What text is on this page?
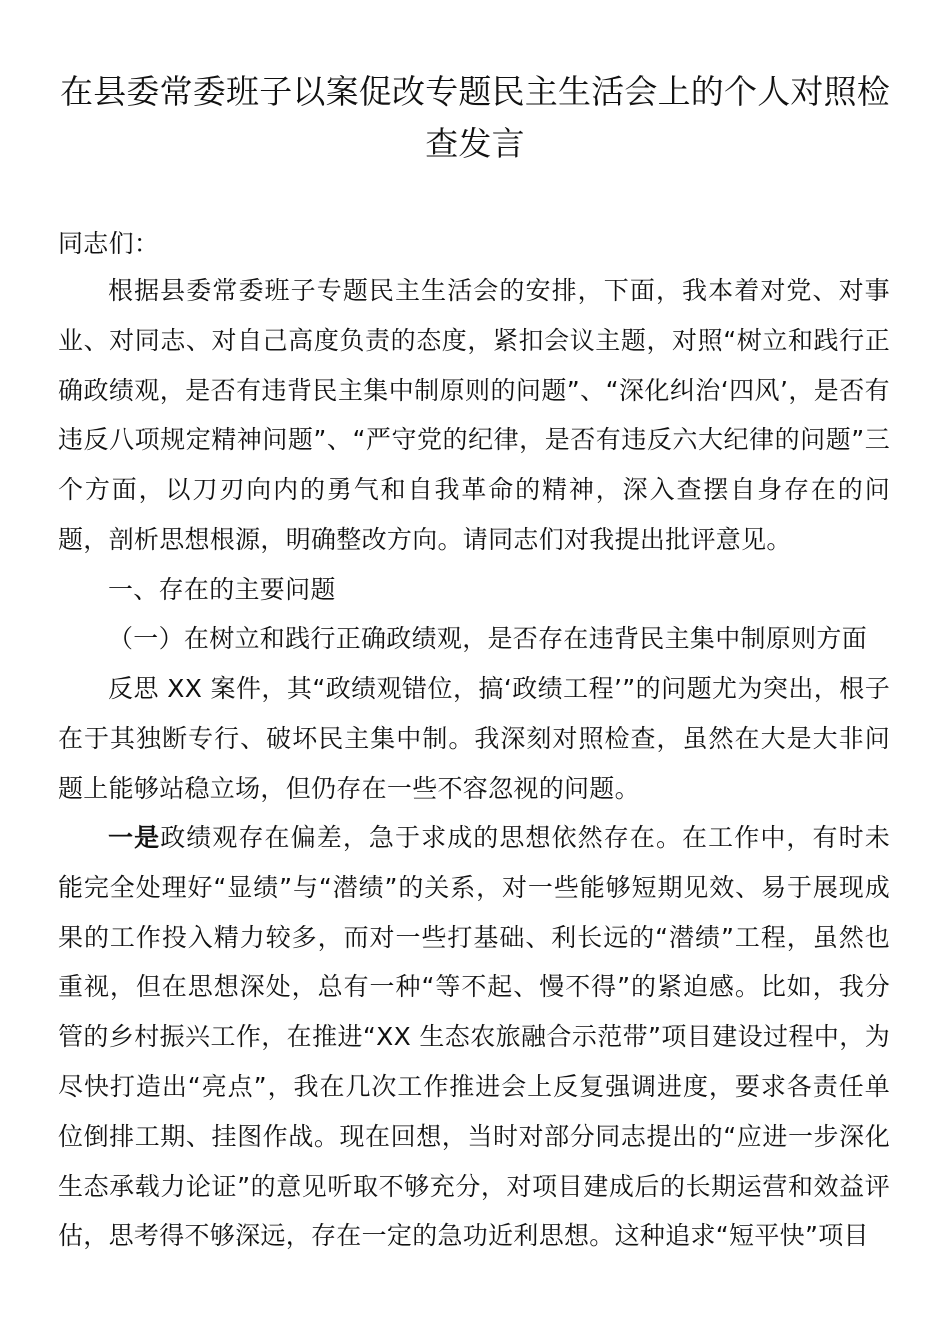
在县委常委班子以案促改专题民主生活会上的个人对照检查发言
同志们：
根据县委常委班子专题民主生活会的安排，下面，我本着对党、对事业、对同志、对自己高度负责的态度，紧扣会议主题，对照“树立和践行正确政绩观，是否有违背民主集中制原则的问题”、“深化纠治‘四风’，是否有违反八项规定精神问题”、“严守党的纪律，是否有违反六大纪律的问题”三个方面，以刀刃向内的勇气和自我革命的精神，深入查摆自身存在的问题，剖析思想根源，明确整改方向。请同志们对我提出批评意见。
一、存在的主要问题
（一）在树立和践行正确政绩观，是否存在违背民主集中制原则方面
反思 XX 案件，其“政绩观错位，搞‘政绩工程’”的问题尤为突出，根子在于其独断专行、破坏民主集中制。我深刻对照检查，虽然在大是大非问题上能够站稳立场，但仍存在一些不容忽视的问题。
一是政绩观存在偏差，急于求成的思想依然存在。在工作中，有时未能完全处理好“显绩”与“潜绩”的关系，对一些能够短期见效、易于展现成果的工作投入精力较多，而对一些打基础、利长远的“潜绩”工程，虽然也重视，但在思想深处，总有一种“等不起、慢不得”的紧迫感。比如，我分管的乡村振兴工作，在推进“XX 生态农旅融合示范带”项目建设过程中，为尽快打造出“亮点”，我在几次工作推进会上反复强调进度，要求各责任单位倒排工期、挂图作战。现在回想，当时对部分同志提出的“应进一步深化生态承载力论证”的意见听取不够充分，对项目建成后的长期运营和效益评估，思考得不够深远，存在一定的急功近利思想。这种追求“短平快”项目
